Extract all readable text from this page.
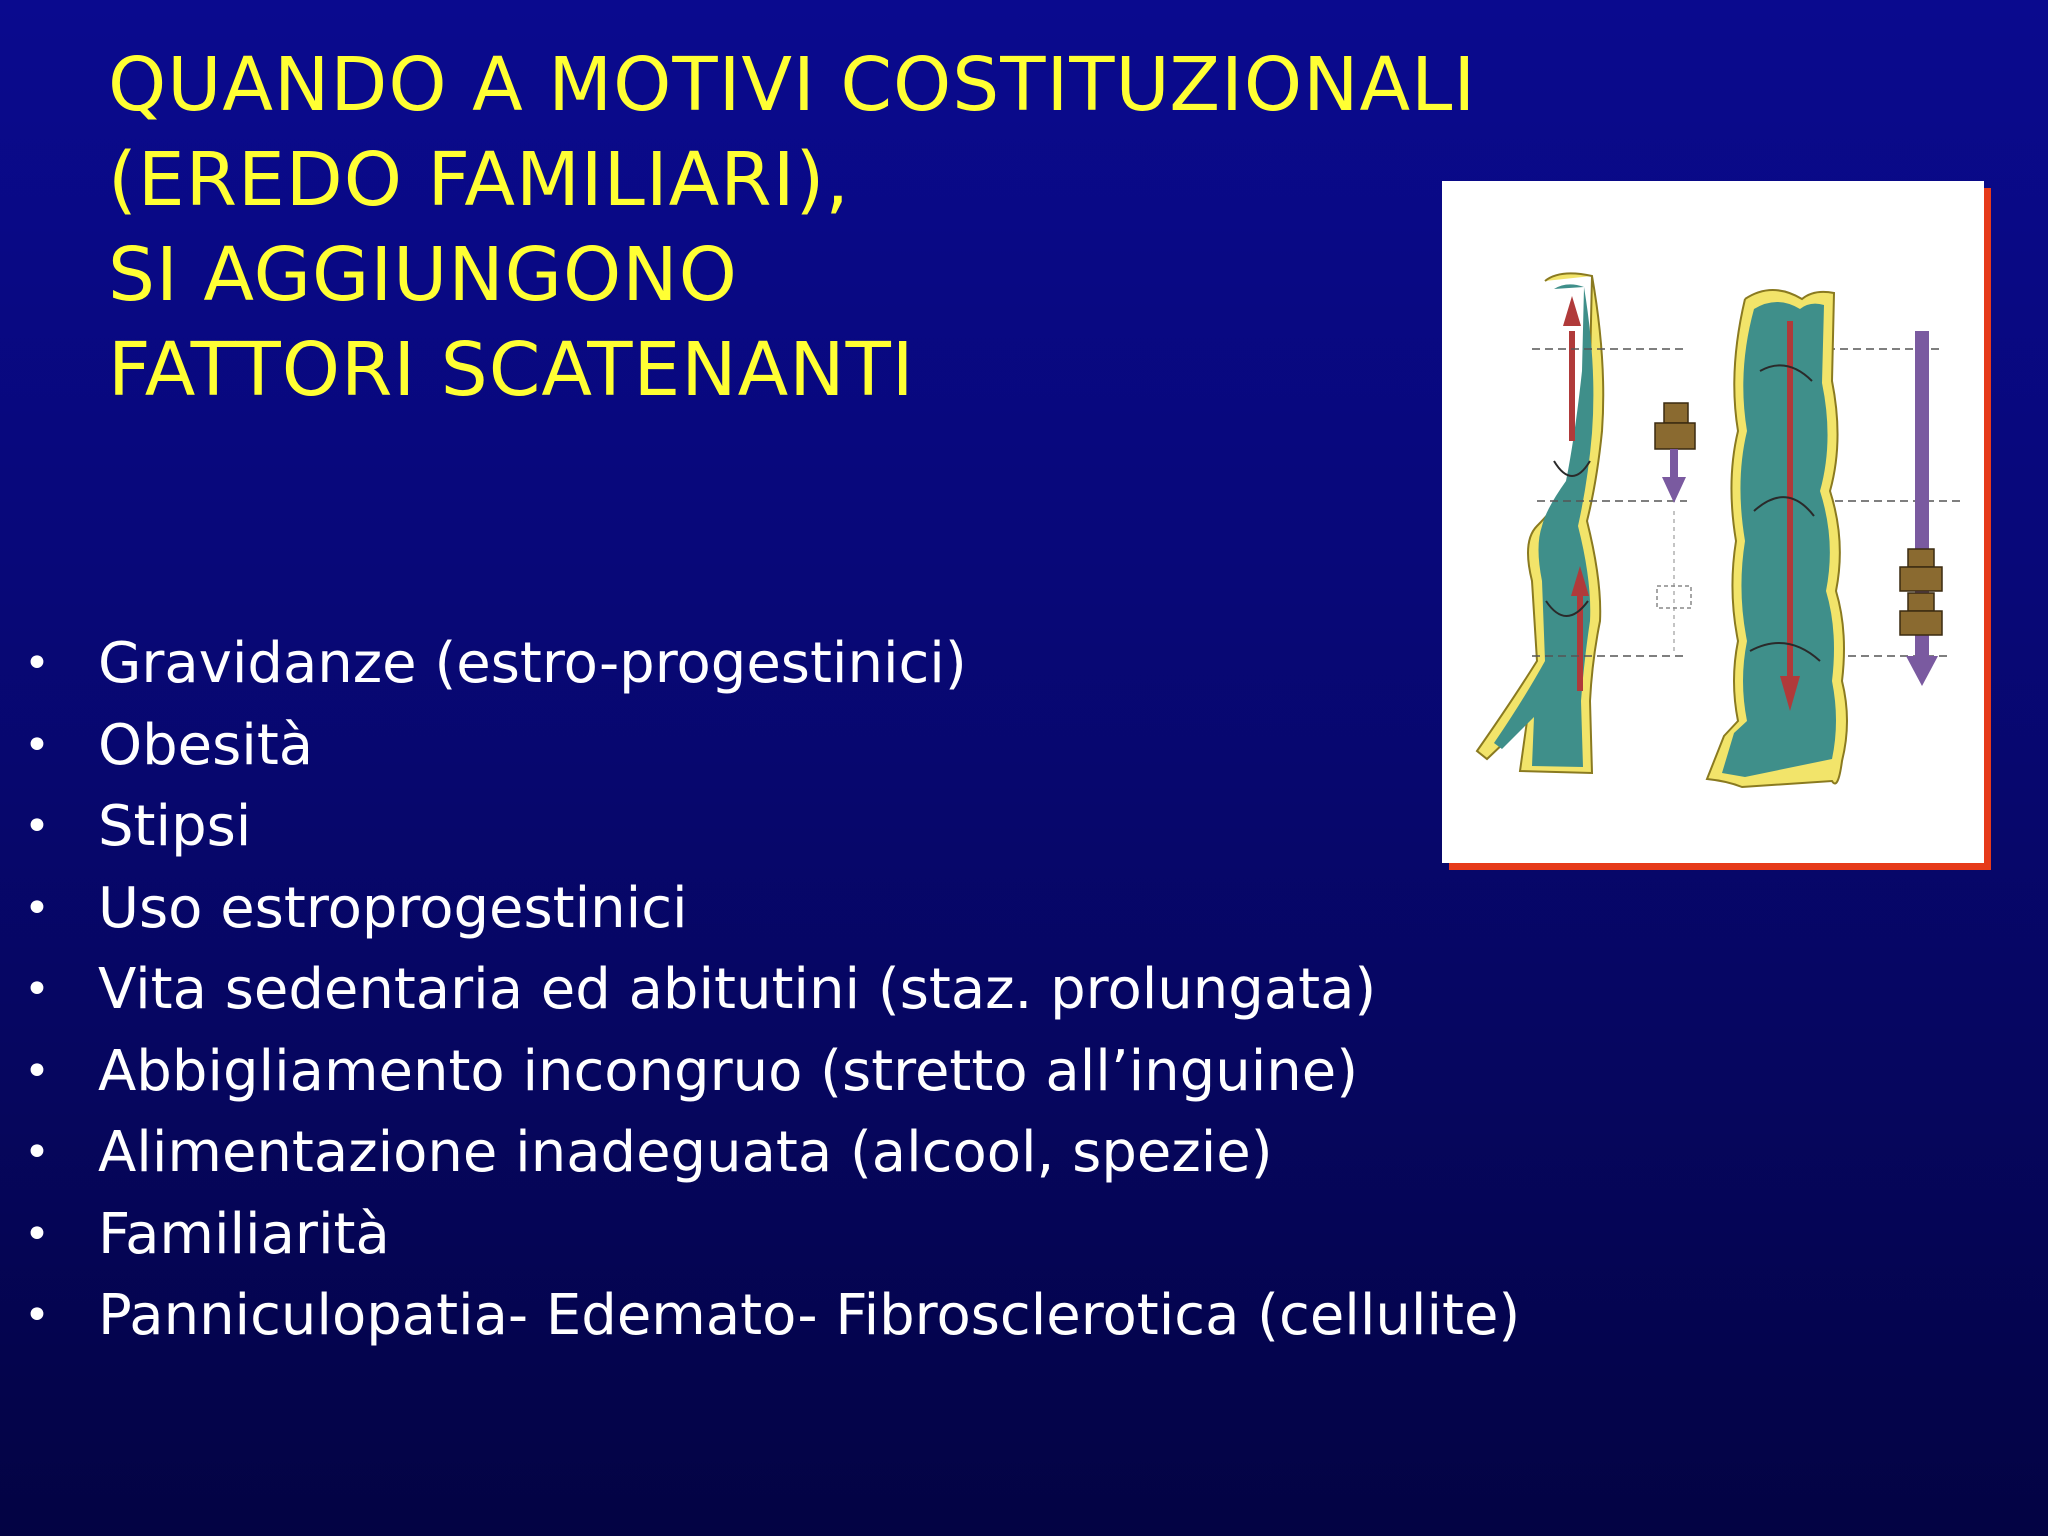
QUANDO A MOTIVI COSTITUZIONALI
(EREDO FAMILIARI),
SI AGGIUNGONO
FATTORI SCATENANTI
• Gravidanze (estro-progestinici)
• Obesità
• Stipsi
• Uso estroprogestinici
• Vita sedentaria ed abitutini (staz. prolungata)
• Abbigliamento incongruo (stretto all’inguine)
• Alimentazione inadeguata (alcool, spezie)
• Familiarità
• Panniculopatia- Edemato- Fibrosclerotica (cellulite)
